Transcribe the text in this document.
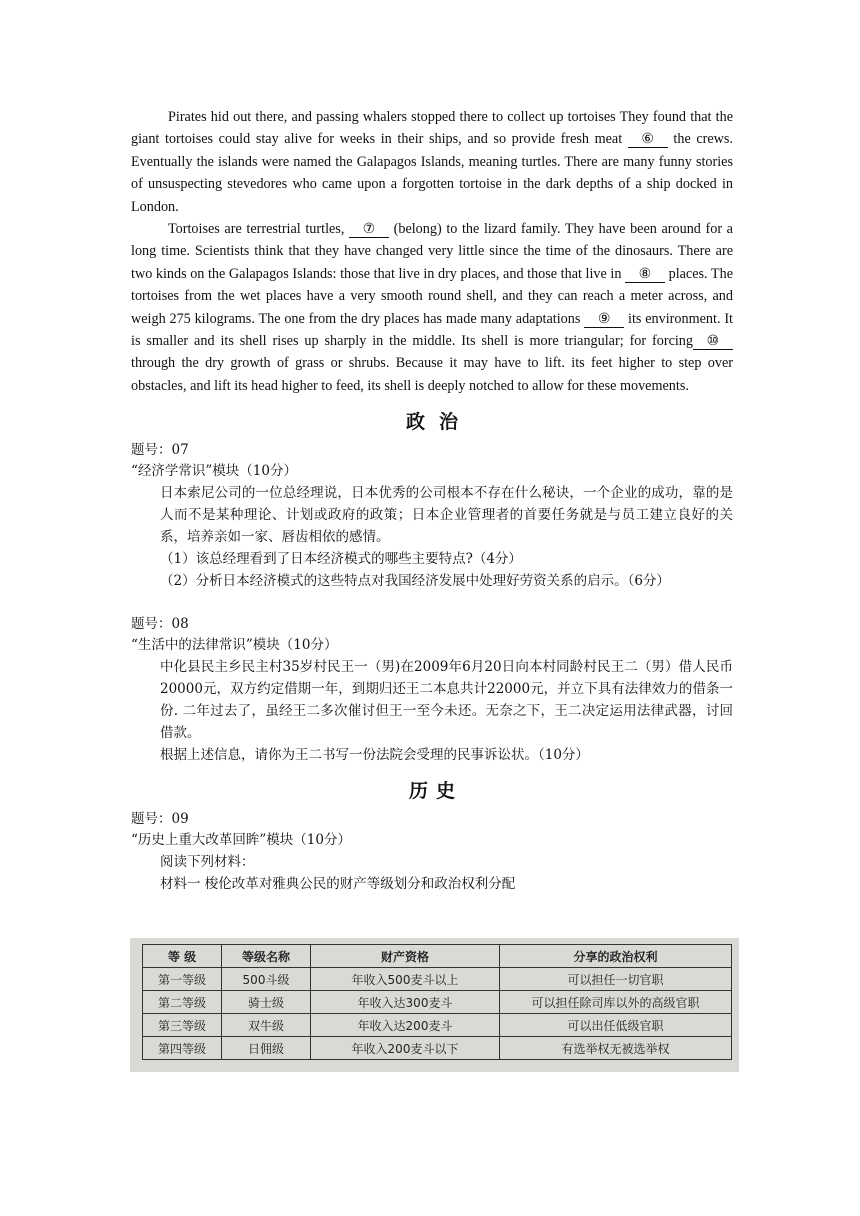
Pirates hid out there, and passing whalers stopped there to collect up tortoises They found that the giant tortoises could stay alive for weeks in their ships, and so provide fresh meat ⑥ the crews. Eventually the islands were named the Galapagos Islands, meaning turtles. There are many funny stories of unsuspecting stevedores who came upon a forgotten tortoise in the dark depths of a ship docked in London.

Tortoises are terrestrial turtles, ⑦ (belong) to the lizard family. They have been around for a long time. Scientists think that they have changed very little since the time of the dinosaurs. There are two kinds on the Galapagos Islands: those that live in dry places, and those that live in ⑧ places. The tortoises from the wet places have a very smooth round shell, and they can reach a meter across, and weigh 275 kilograms. The one from the dry places has made many adaptations ⑨ its environment. It is smaller and its shell rises up sharply in the middle. Its shell is more triangular; for forcing ⑩ through the dry growth of grass or shrubs. Because it may have to lift. its feet higher to step over obstacles, and lift its head higher to feed, its shell is deeply notched to allow for these movements.

政治
题号：07
“经济学常识”模块（10分）

日本索尼公司的一位总经理说，日本优秀的公司根本不存在什么秘诀，一个企业的成功，靠的是人而不是某种理论、计划或政府的政策；日本企业管理者的首要任务就是与员工建立良好的关系，培养亲如一家、唇齿相依的感情。

（1）该总经理看到了日本经济模式的哪些主要特点?（4分）

（2）分析日本经济模式的这些特点对我国经济发展中处理好劳资关系的启示。（6分）

题号：08
“生活中的法律常识”模块（10分）

中化县民主乡民主村35岁村民王一（男)在2009年6月20日向本村同龄村民王二（男）借人民币20000元，双方约定借期一年，到期归还王二本息共计22000元，并立下具有法律效力的借条一份. 二年过去了，虽经王二多次催讨但王一至今未还。无奈之下，王二决定运用法律武器，讨回借款。

根据上述信息，请你为王二书写一份法院会受理的民事诉讼状。（10分）

历史
题号：09
“历史上重大改革回眸”模块（10分）

阅读下列材料：

材料一 梭伦改革对雅典公民的财产等级划分和政治权利分配

等 级	等级名称	财产资格	分享的政治权利
第一等级	500斗级	年收入500麦斗以上	可以担任一切官职
第二等级	骑士级	年收入达300麦斗	可以担任除司库以外的高级官职
第三等级	双牛级	年收入达200麦斗	可以出任低级官职
第四等级	日佣级	年收入200麦斗以下	有选举权无被选举权
